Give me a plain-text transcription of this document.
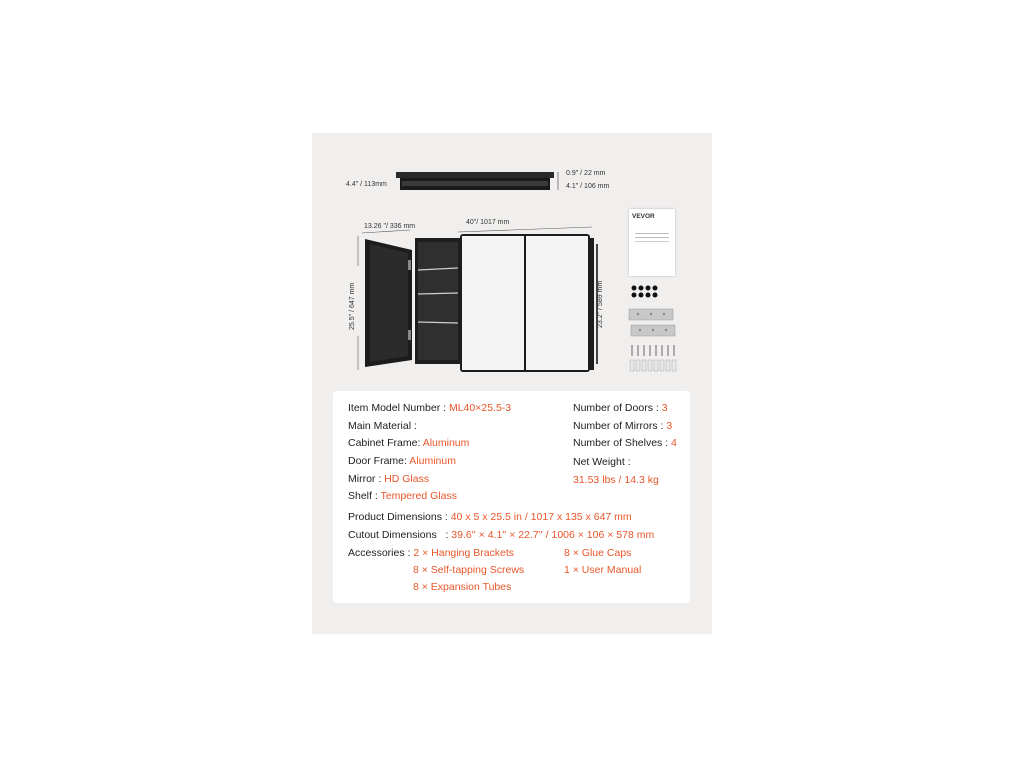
4.4" / 113mm
0.9" / 22 mm
4.1" / 106 mm
13.26 "/ 336 mm
40"/ 1017 mm
25.5" / 647 mm	23.2" / 589 mm
VEVOR
Item Model Number : ML40×25.5-3
Main Material :
Cabinet Frame: Aluminum
Door Frame: Aluminum
Mirror : HD Glass
Shelf : Tempered Glass
Number of Doors : 3
Number of Mirrors : 3
Number of Shelves : 4
Net Weight :
31.53 lbs / 14.3 kg
Product Dimensions : 40 x 5 x 25.5 in / 1017 x 135 x 647 mm
Cutout Dimensions   : 39.6'' × 4.1'' × 22.7'' / 1006 × 106 × 578 mm
Accessories : 2 × Hanging Brackets
8 × Self-tapping Screws
8 × Expansion Tubes
8 × Glue Caps
1 × User Manual
